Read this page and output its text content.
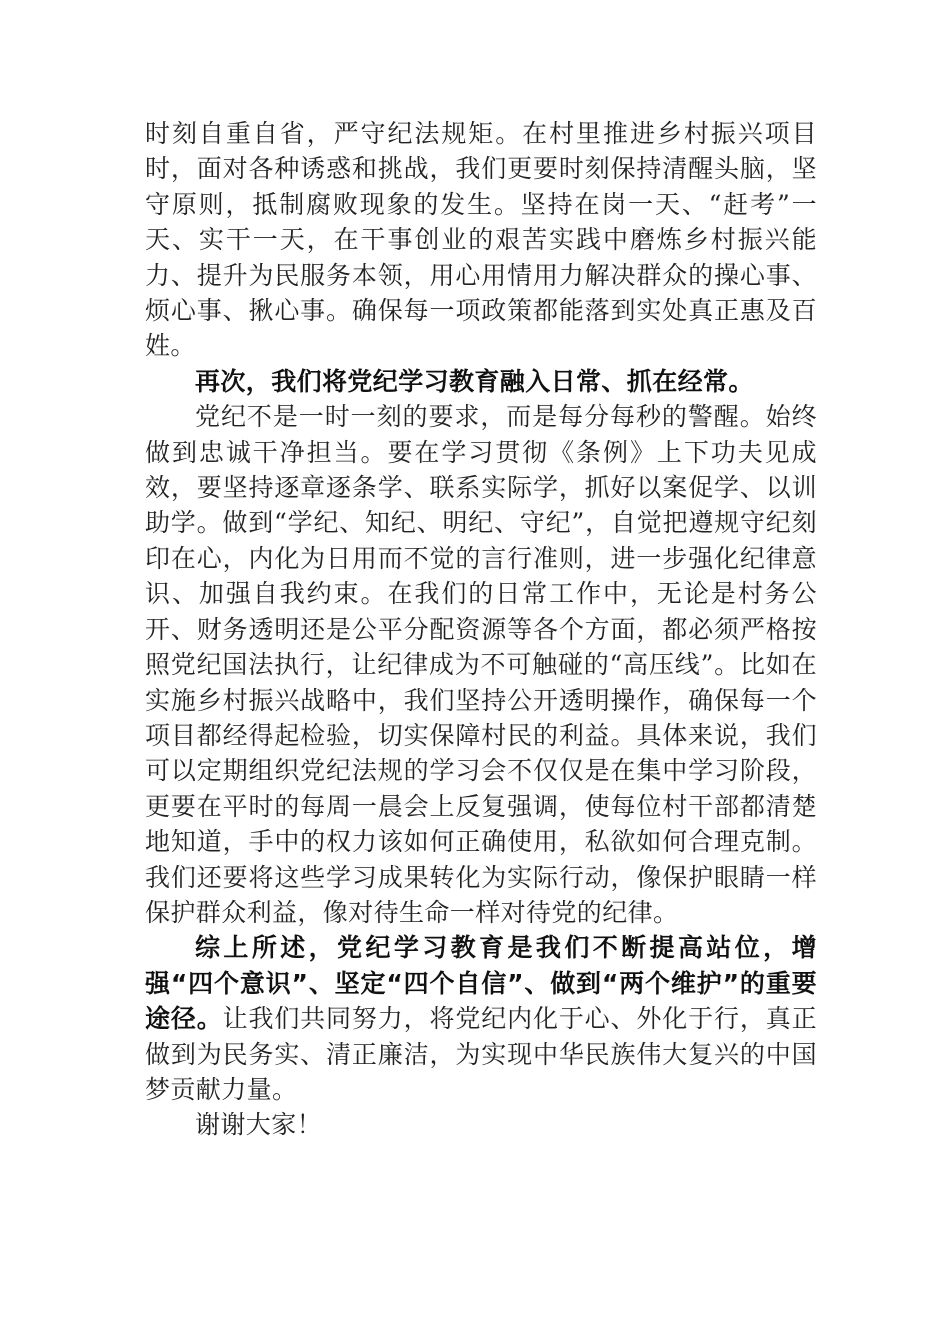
时刻自重自省，严守纪法规矩。在村里推进乡村振兴项目时，面对各种诱惑和挑战，我们更要时刻保持清醒头脑，坚守原则，抵制腐败现象的发生。坚持在岗一天、“赶考”一天、实干一天，在干事创业的艰苦实践中磨炼乡村振兴能力、提升为民服务本领，用心用情用力解决群众的操心事、烦心事、揪心事。确保每一项政策都能落到实处真正惠及百姓。

再次，我们将党纪学习教育融入日常、抓在经常。

党纪不是一时一刻的要求，而是每分每秒的警醒。始终做到忠诚干净担当。要在学习贯彻《条例》上下功夫见成效，要坚持逐章逐条学、联系实际学，抓好以案促学、以训助学。做到“学纪、知纪、明纪、守纪”，自觉把遵规守纪刻印在心，内化为日用而不觉的言行准则，进一步强化纪律意识、加强自我约束。在我们的日常工作中，无论是村务公开、财务透明还是公平分配资源等各个方面，都必须严格按照党纪国法执行，让纪律成为不可触碰的“高压线”。比如在实施乡村振兴战略中，我们坚持公开透明操作，确保每一个项目都经得起检验，切实保障村民的利益。具体来说，我们可以定期组织党纪法规的学习会不仅仅是在集中学习阶段，更要在平时的每周一晨会上反复强调，使每位村干部都清楚地知道，手中的权力该如何正确使用，私欲如何合理克制。我们还要将这些学习成果转化为实际行动，像保护眼睛一样保护群众利益，像对待生命一样对待党的纪律。

综上所述，党纪学习教育是我们不断提高站位，增强“四个意识”、坚定“四个自信”、做到“两个维护”的重要途径。让我们共同努力，将党纪内化于心、外化于行，真正做到为民务实、清正廉洁，为实现中华民族伟大复兴的中国梦贡献力量。

谢谢大家！
